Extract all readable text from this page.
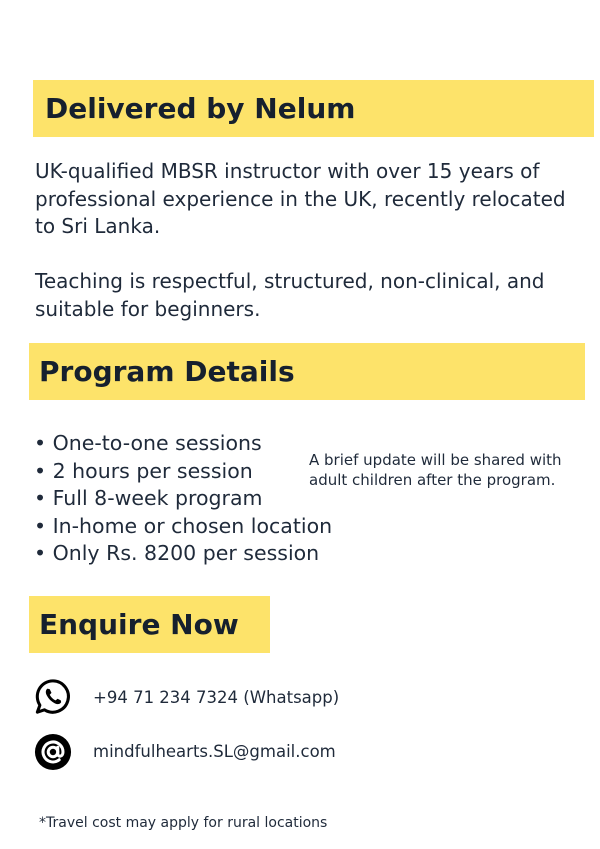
Delivered by Nelum

UK-qualified MBSR instructor with over 15 years of professional experience in the UK, recently relocated to Sri Lanka.

Teaching is respectful, structured, non-clinical, and suitable for beginners.

Program Details
• One-to-one sessions
• 2 hours per session
• Full 8-week program
• In-home or chosen location
• Only Rs. 8200 per session

A brief update will be shared with adult children after the program.

Enquire Now
+94 71 234 7324 (Whatsapp)
mindfulhearts.SL@gmail.com
*Travel cost may apply for rural locations
